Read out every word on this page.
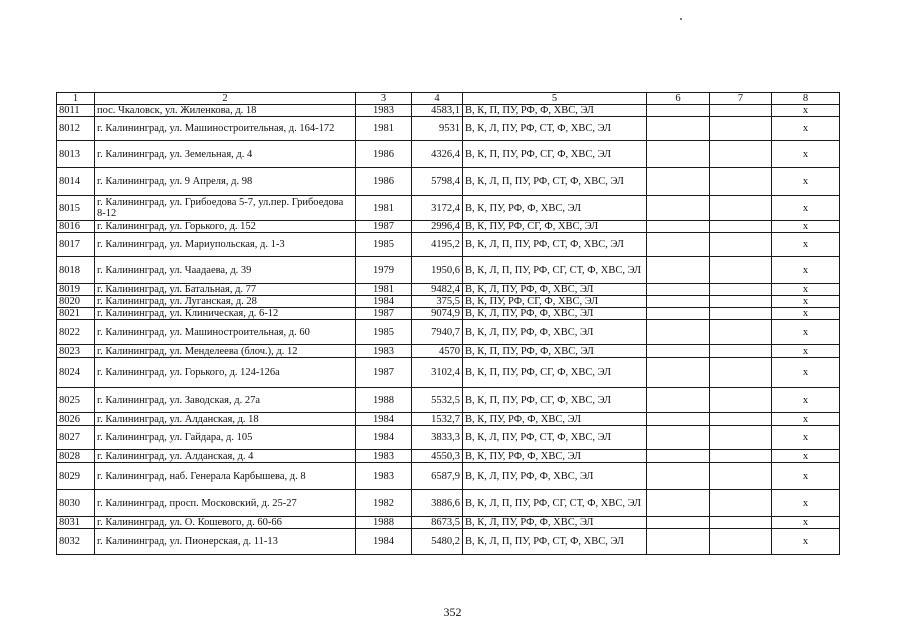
1	2	3	4	5	6	7	8
8011	пос. Чкаловск, ул. Жиленкова, д. 18	1983	4583,1	В, К, П, ПУ, РФ, Ф, ХВС, ЭЛ			х
8012	г. Калининград, ул. Машиностроительная, д. 164-172	1981	9531	В, К, Л, ПУ, РФ, СТ, Ф, ХВС, ЭЛ			х
8013	г. Калининград, ул. Земельная, д. 4	1986	4326,4	В, К, П, ПУ, РФ, СГ, Ф, ХВС, ЭЛ			х
8014	г. Калининград, ул. 9 Апреля, д. 98	1986	5798,4	В, К, Л, П, ПУ, РФ, СТ, Ф, ХВС, ЭЛ			х
8015	г. Калининград, ул. Грибоедова 5-7, ул.пер. Грибоедова 8-12	1981	3172,4	В, К, ПУ, РФ, Ф, ХВС, ЭЛ			х
8016	г. Калининград, ул. Горького, д. 152	1987	2996,4	В, К, ПУ, РФ, СГ, Ф, ХВС, ЭЛ			х
8017	г. Калининград, ул. Мариупольская, д. 1-3	1985	4195,2	В, К, Л, П, ПУ, РФ, СТ, Ф, ХВС, ЭЛ			х
8018	г. Калининград, ул. Чаадаева, д. 39	1979	1950,6	В, К, Л, П, ПУ, РФ, СГ, СТ, Ф, ХВС, ЭЛ			х
8019	г. Калининград, ул. Батальная, д. 77	1981	9482,4	В, К, Л, ПУ, РФ, Ф, ХВС, ЭЛ			х
8020	г. Калининград, ул. Луганская, д. 28	1984	375,5	В, К, ПУ, РФ, СГ, Ф, ХВС, ЭЛ			х
8021	г. Калининград, ул. Клиническая, д. 6-12	1987	9074,9	В, К, Л, ПУ, РФ, Ф, ХВС, ЭЛ			х
8022	г. Калининград, ул. Машиностроительная, д. 60	1985	7940,7	В, К, Л, ПУ, РФ, Ф, ХВС, ЭЛ			х
8023	г. Калининград, ул. Менделеева (блоч.), д. 12	1983	4570	В, К, П, ПУ, РФ, Ф, ХВС, ЭЛ			х
8024	г. Калининград, ул. Горького, д. 124-126а	1987	3102,4	В, К, П, ПУ, РФ, СГ, Ф, ХВС, ЭЛ			х
8025	г. Калининград, ул. Заводская, д. 27а	1988	5532,5	В, К, П, ПУ, РФ, СГ, Ф, ХВС, ЭЛ			х
8026	г. Калининград, ул. Алданская, д. 18	1984	1532,7	В, К, ПУ, РФ, Ф, ХВС, ЭЛ			х
8027	г. Калининград, ул. Гайдара, д. 105	1984	3833,3	В, К, Л, ПУ, РФ, СТ, Ф, ХВС, ЭЛ			х
8028	г. Калининград, ул. Алданская, д. 4	1983	4550,3	В, К, ПУ, РФ, Ф, ХВС, ЭЛ			х
8029	г. Калининград, наб. Генерала Карбышева, д. 8	1983	6587,9	В, К, Л, ПУ, РФ, Ф, ХВС, ЭЛ			х
8030	г. Калининград, просп. Московский, д. 25-27	1982	3886,6	В, К, Л, П, ПУ, РФ, СГ, СТ, Ф, ХВС, ЭЛ			х
8031	г. Калининград, ул. О. Кошевого, д. 60-66	1988	8673,5	В, К, Л, ПУ, РФ, Ф, ХВС, ЭЛ			х
8032	г. Калининград, ул. Пионерская, д. 11-13	1984	5480,2	В, К, Л, П, ПУ, РФ, СТ, Ф, ХВС, ЭЛ			х
352
